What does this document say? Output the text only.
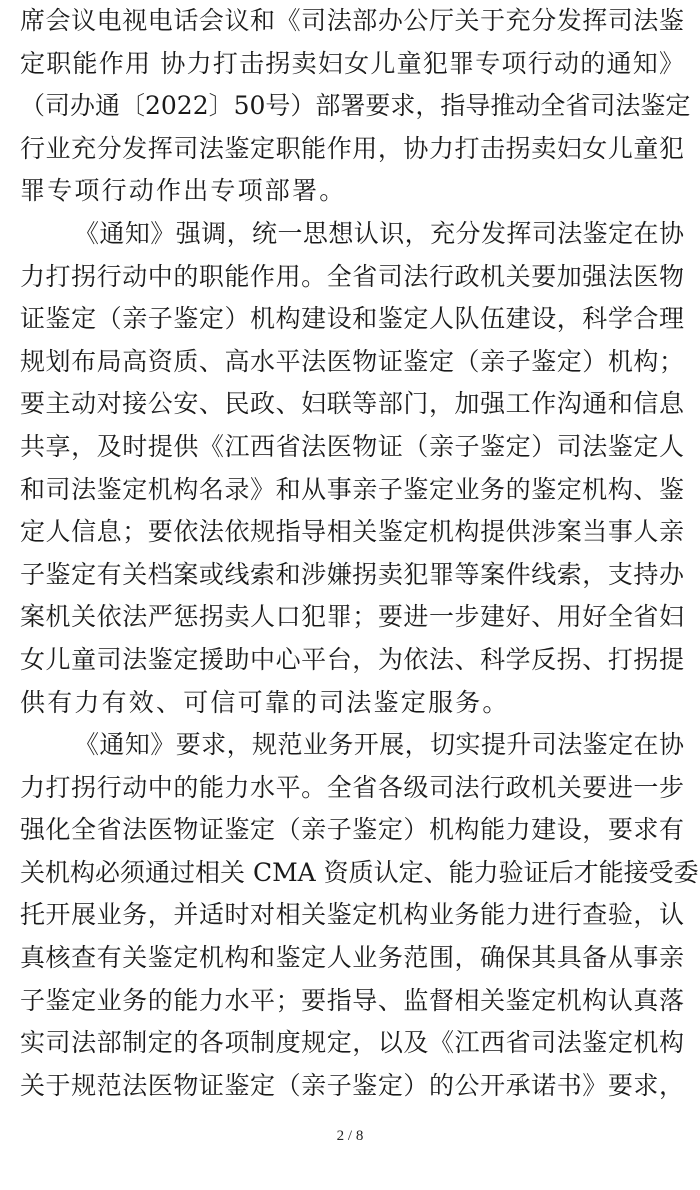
席会议电视电话会议和《司法部办公厅关于充分发挥司法鉴
定职能作用 协力打击拐卖妇女儿童犯罪专项行动的通知》
（司办通〔2022〕50号）部署要求，指导推动全省司法鉴定
行业充分发挥司法鉴定职能作用，协力打击拐卖妇女儿童犯
罪专项行动作出专项部署。
《通知》强调，统一思想认识，充分发挥司法鉴定在协
力打拐行动中的职能作用。全省司法行政机关要加强法医物
证鉴定（亲子鉴定）机构建设和鉴定人队伍建设，科学合理
规划布局高资质、高水平法医物证鉴定（亲子鉴定）机构；
要主动对接公安、民政、妇联等部门，加强工作沟通和信息
共享，及时提供《江西省法医物证（亲子鉴定）司法鉴定人
和司法鉴定机构名录》和从事亲子鉴定业务的鉴定机构、鉴
定人信息；要依法依规指导相关鉴定机构提供涉案当事人亲
子鉴定有关档案或线索和涉嫌拐卖犯罪等案件线索，支持办
案机关依法严惩拐卖人口犯罪；要进一步建好、用好全省妇
女儿童司法鉴定援助中心平台，为依法、科学反拐、打拐提
供有力有效、可信可靠的司法鉴定服务。
《通知》要求，规范业务开展，切实提升司法鉴定在协
力打拐行动中的能力水平。全省各级司法行政机关要进一步
强化全省法医物证鉴定（亲子鉴定）机构能力建设，要求有
关机构必须通过相关 CMA 资质认定、能力验证后才能接受委
托开展业务，并适时对相关鉴定机构业务能力进行查验，认
真核查有关鉴定机构和鉴定人业务范围，确保其具备从事亲
子鉴定业务的能力水平；要指导、监督相关鉴定机构认真落
实司法部制定的各项制度规定，以及《江西省司法鉴定机构
关于规范法医物证鉴定（亲子鉴定）的公开承诺书》要求，
2 / 8
